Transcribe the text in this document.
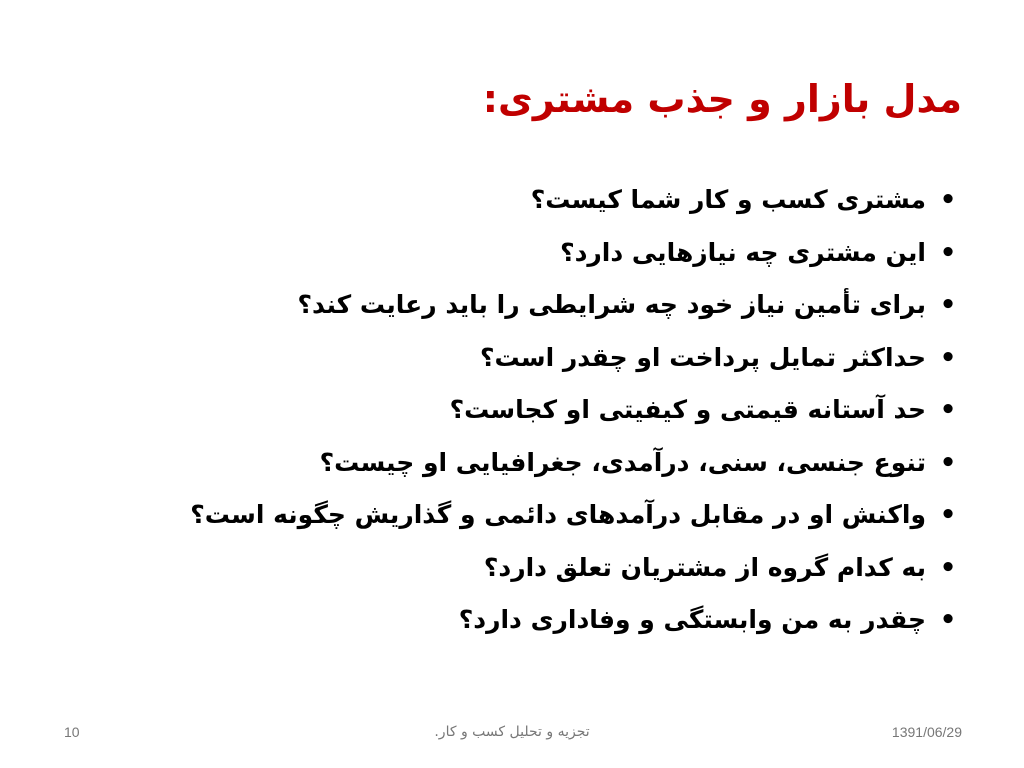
مدل بازار و جذب مشتری:
•
مشتری کسب و کار شما کیست؟
•
این مشتری چه نیازهایی دارد؟
•
برای تأمین نیاز خود چه شرایطی را باید رعایت کند؟
•
حداکثر تمایل پرداخت او چقدر است؟
•
حد آستانه قیمتی و کیفیتی او کجاست؟
•
تنوع جنسی، سنی، درآمدی، جغرافیایی او چیست؟
•
واکنش او در مقابل درآمدهای دائمی و گذاریش چگونه است؟
•
به کدام گروه از مشتریان تعلق دارد؟
•
چقدر به من وابستگی و وفاداری دارد؟
10	تجزیه و تحلیل کسب و کار.	1391/06/29
